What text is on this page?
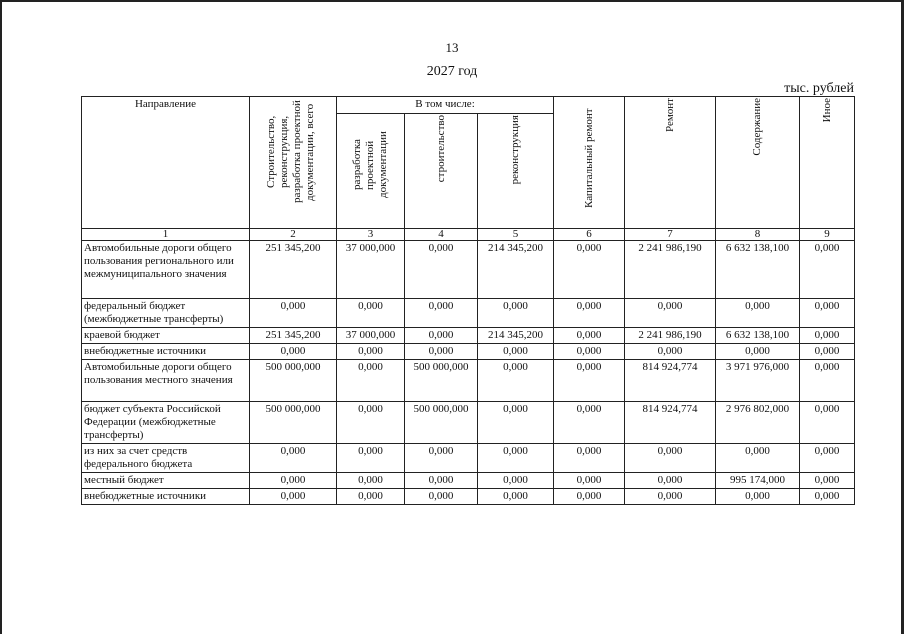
13
2027 год
тыс. рублей
Направление	Строительство, реконструкция, разработка проектной документации, всего	В том числе:			Капитальный ремонт	Ремонт	Содержание	Иное
		разработка проектной документации	строительство	реконструкция				
1	2	3	4	5	6	7	8	9
Автомобильные дороги общего пользования регионального или межмуниципального значения	251 345,200	37 000,000	0,000	214 345,200	0,000	2 241 986,190	6 632 138,100	0,000
федеральный бюджет (межбюджетные трансферты)	0,000	0,000	0,000	0,000	0,000	0,000	0,000	0,000
краевой бюджет	251 345,200	37 000,000	0,000	214 345,200	0,000	2 241 986,190	6 632 138,100	0,000
внебюджетные источники	0,000	0,000	0,000	0,000	0,000	0,000	0,000	0,000
Автомобильные дороги общего пользования местного значения	500 000,000	0,000	500 000,000	0,000	0,000	814 924,774	3 971 976,000	0,000
бюджет субъекта Российской Федерации (межбюджетные трансферты)	500 000,000	0,000	500 000,000	0,000	0,000	814 924,774	2 976 802,000	0,000
из них за счет средств федерального бюджета	0,000	0,000	0,000	0,000	0,000	0,000	0,000	0,000
местный бюджет	0,000	0,000	0,000	0,000	0,000	0,000	995 174,000	0,000
внебюджетные источники	0,000	0,000	0,000	0,000	0,000	0,000	0,000	0,000
